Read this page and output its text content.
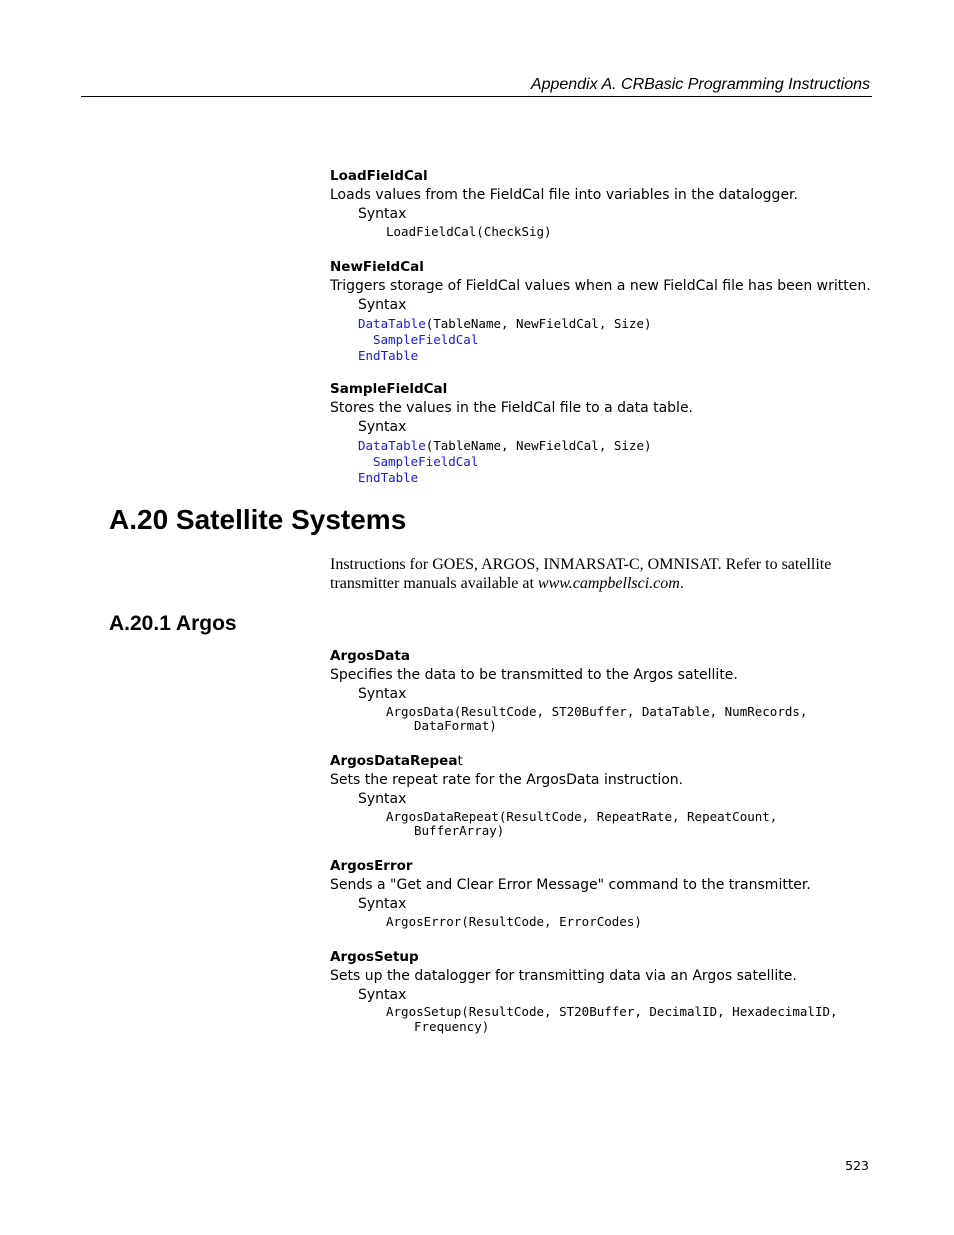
Appendix A. CRBasic Programming Instructions
LoadFieldCal
Loads values from the FieldCal file into variables in the datalogger.
Syntax
LoadFieldCal(CheckSig)
NewFieldCal
Triggers storage of FieldCal values when a new FieldCal file has been written.
Syntax
DataTable(TableName, NewFieldCal, Size)
SampleFieldCal
EndTable
SampleFieldCal
Stores the values in the FieldCal file to a data table.
Syntax
DataTable(TableName, NewFieldCal, Size)
SampleFieldCal
EndTable
A.20 Satellite Systems
Instructions for GOES, ARGOS, INMARSAT-C, OMNISAT. Refer to satellite
transmitter manuals available at www.campbellsci.com.
A.20.1 Argos
ArgosData
Specifies the data to be transmitted to the Argos satellite.
Syntax
ArgosData(ResultCode, ST20Buffer, DataTable, NumRecords,
DataFormat)
ArgosDataRepeat
Sets the repeat rate for the ArgosData instruction.
Syntax
ArgosDataRepeat(ResultCode, RepeatRate, RepeatCount,
BufferArray)
ArgosError
Sends a "Get and Clear Error Message" command to the transmitter.
Syntax
ArgosError(ResultCode, ErrorCodes)
ArgosSetup
Sets up the datalogger for transmitting data via an Argos satellite.
Syntax
ArgosSetup(ResultCode, ST20Buffer, DecimalID, HexadecimalID,
Frequency)
523
